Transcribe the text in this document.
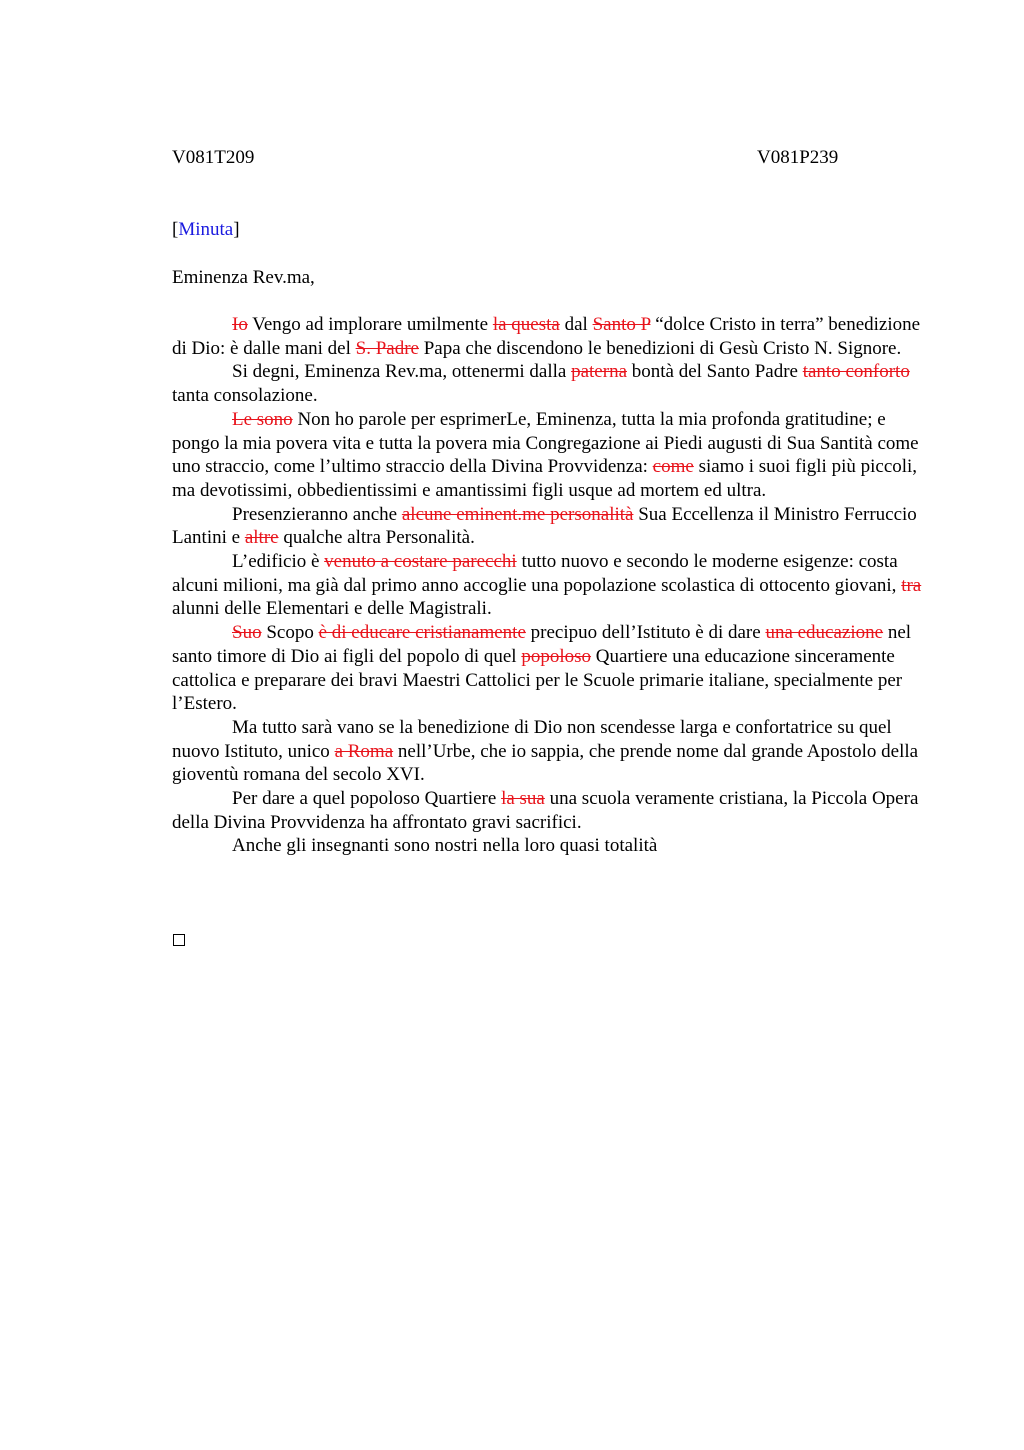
V081T209	V081P239
[Minuta]
Eminenza Rev.ma,

Io Vengo ad implorare umilmente la questa dal Santo P “dolce Cristo in terra” benedizione di Dio: è dalle mani del S. Padre Papa che discendono le benedizioni di Gesù Cristo N. Signore.

Si degni, Eminenza Rev.ma, ottenermi dalla paterna bontà del Santo Padre tanto conforto tanta consolazione.

Le sono Non ho parole per esprimerLe, Eminenza, tutta la mia profonda gratitudine; e pongo la mia povera vita e tutta la povera mia Congregazione ai Piedi augusti di Sua Santità come uno straccio, come l’ultimo straccio della Divina Provvidenza: come siamo i suoi figli più piccoli, ma devotissimi, obbedientissimi e amantissimi figli usque ad mortem ed ultra.

Presenzieranno anche alcune eminent.me personalità Sua Eccellenza il Ministro Ferruccio Lantini e altre qualche altra Personalità.

L’edificio è venuto a costare parecchi tutto nuovo e secondo le moderne esigenze: costa alcuni milioni, ma già dal primo anno accoglie una popolazione scolastica di ottocento giovani, tra alunni delle Elementari e delle Magistrali.

Suo Scopo è di educare cristianamente precipuo dell’Istituto è di dare una educazione nel santo timore di Dio ai figli del popolo di quel popoloso Quartiere una educazione sinceramente cattolica e preparare dei bravi Maestri Cattolici per le Scuole primarie italiane, specialmente per l’Estero.

Ma tutto sarà vano se la benedizione di Dio non scendesse larga e confortatrice su quel nuovo Istituto, unico a Roma nell’Urbe, che io sappia, che prende nome dal grande Apostolo della gioventù romana del secolo XVI.

Per dare a quel popoloso Quartiere la sua una scuola veramente cristiana, la Piccola Opera della Divina Provvidenza ha affrontato gravi sacrifici.

Anche gli insegnanti sono nostri nella loro quasi totalità
